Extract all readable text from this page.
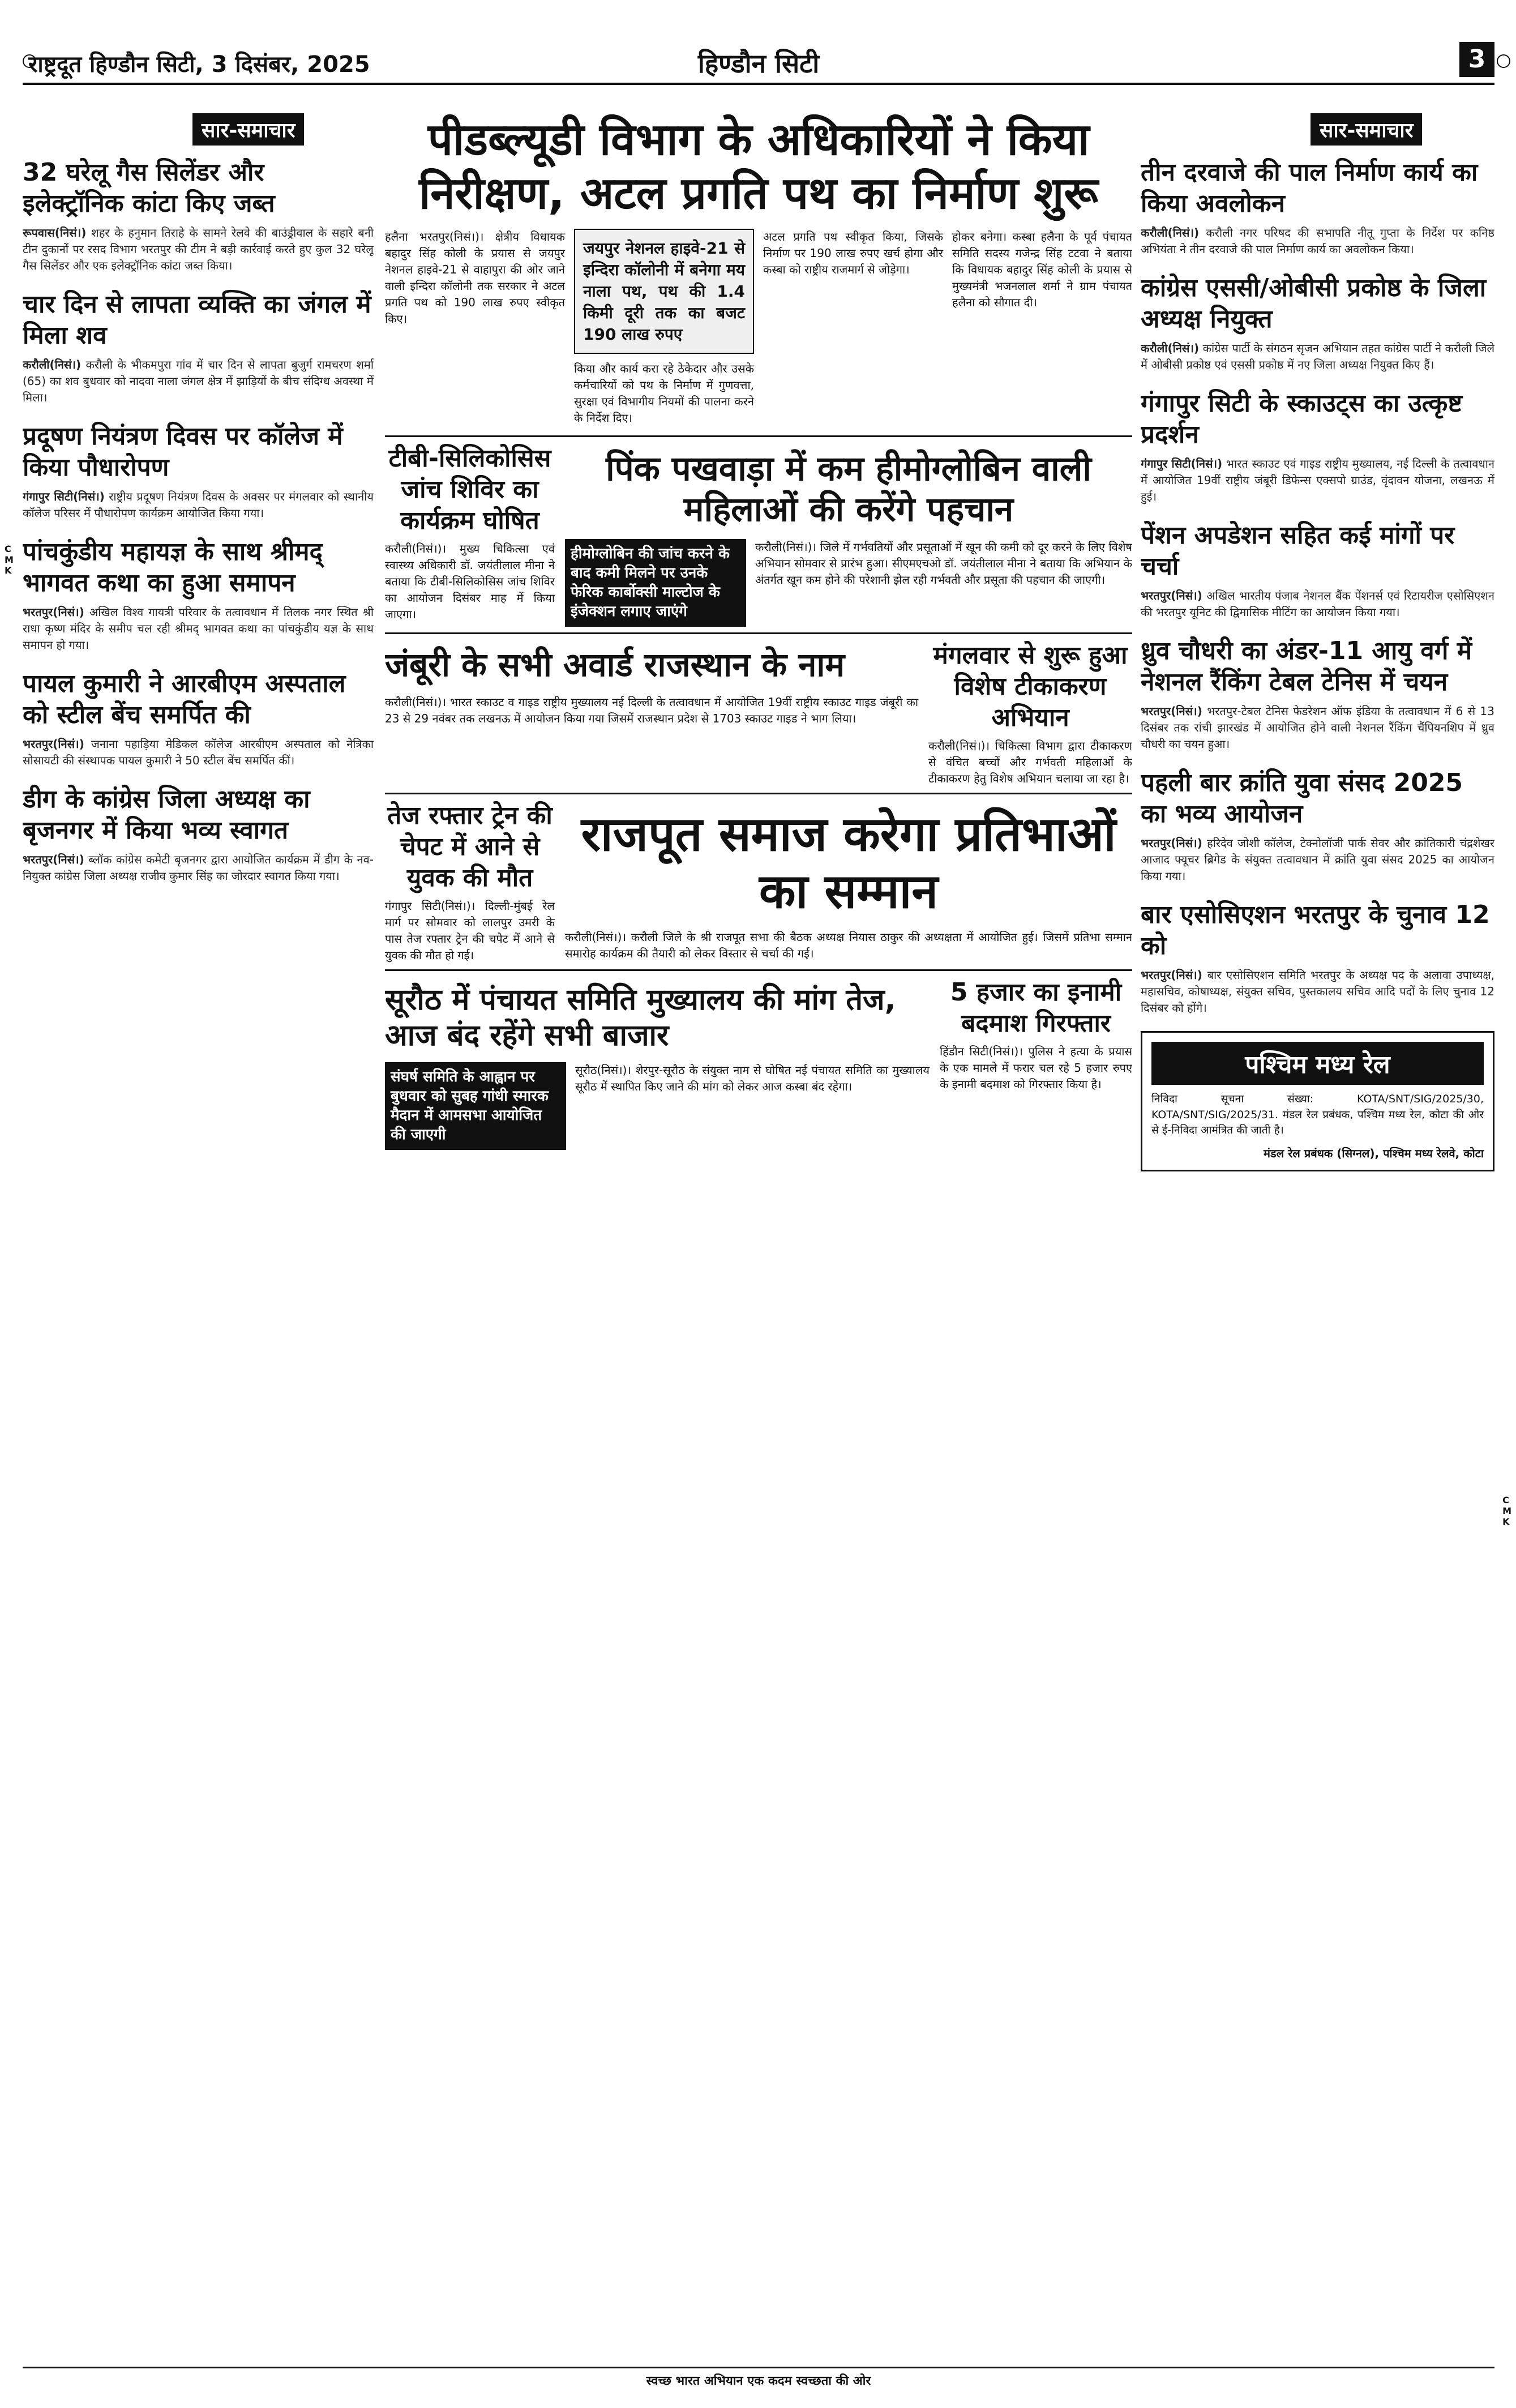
राष्ट्रदूत हिण्डौन सिटी, 3 दिसंबर, 2025	हिण्डौन सिटी	3
C
M
K
C
M
K
सार-समाचार
32 घरेलू गैस सिलेंडर और इलेक्ट्रॉनिक कांटा किए जब्त

रूपवास(निसं।) शहर के हनुमान तिराहे के सामने रेलवे की बाउंड्रीवाल के सहारे बनी टीन दुकानों पर रसद विभाग भरतपुर की टीम ने बड़ी कार्रवाई करते हुए कुल 32 घरेलू गैस सिलेंडर और एक इलेक्ट्रॉनिक कांटा जब्त किया।

चार दिन से लापता व्यक्ति का जंगल में मिला शव

करौली(निसं।) करौली के भीकमपुरा गांव में चार दिन से लापता बुजुर्ग रामचरण शर्मा (65) का शव बुधवार को नादवा नाला जंगल क्षेत्र में झाड़ियों के बीच संदिग्ध अवस्था में मिला।

प्रदूषण नियंत्रण दिवस पर कॉलेज में किया पौधारोपण

गंगापुर सिटी(निसं।) राष्ट्रीय प्रदूषण नियंत्रण दिवस के अवसर पर मंगलवार को स्थानीय कॉलेज परिसर में पौधारोपण कार्यक्रम आयोजित किया गया।

पांचकुंडीय महायज्ञ के साथ श्रीमद् भागवत कथा का हुआ समापन

भरतपुर(निसं।) अखिल विश्व गायत्री परिवार के तत्वावधान में तिलक नगर स्थित श्री राधा कृष्ण मंदिर के समीप चल रही श्रीमद् भागवत कथा का पांचकुंडीय यज्ञ के साथ समापन हो गया।

पायल कुमारी ने आरबीएम अस्पताल को स्टील बेंच समर्पित की

भरतपुर(निसं।) जनाना पहाड़िया मेडिकल कॉलेज आरबीएम अस्पताल को नेत्रिका सोसायटी की संस्थापक पायल कुमारी ने 50 स्टील बेंच समर्पित कीं।

डीग के कांग्रेस जिला अध्यक्ष का बृजनगर में किया भव्य स्वागत

भरतपुर(निसं।) ब्लॉक कांग्रेस कमेटी बृजनगर द्वारा आयोजित कार्यक्रम में डीग के नव-नियुक्त कांग्रेस जिला अध्यक्ष राजीव कुमार सिंह का जोरदार स्वागत किया गया।

पीडब्ल्यूडी विभाग के अधिकारियों ने किया निरीक्षण, अटल प्रगति पथ का निर्माण शुरू
हलैना भरतपुर(निसं।)। क्षेत्रीय विधायक बहादुर सिंह कोली के प्रयास से जयपुर नेशनल हाइवे-21 से वाहापुरा की ओर जाने वाली इन्दिरा कॉलोनी तक सरकार ने अटल प्रगति पथ को 190 लाख रुपए स्वीकृत किए।
जयपुर नेशनल हाइवे-21 से इन्दिरा कॉलोनी में बनेगा मय नाला पथ, पथ की 1.4 किमी दूरी तक का बजट 190 लाख रुपए
किया और कार्य करा रहे ठेकेदार और उसके कर्मचारियों को पथ के निर्माण में गुणवत्ता, सुरक्षा एवं विभागीय नियमों की पालना करने के निर्देश दिए।
अटल प्रगति पथ स्वीकृत किया, जिसके निर्माण पर 190 लाख रुपए खर्च होगा और कस्बा को राष्ट्रीय राजमार्ग से जोड़ेगा।
होकर बनेगा। कस्बा हलैना के पूर्व पंचायत समिति सदस्य गजेन्द्र सिंह टटवा ने बताया कि विधायक बहादुर सिंह कोली के प्रयास से मुख्यमंत्री भजनलाल शर्मा ने ग्राम पंचायत हलैना को सौगात दी।
टीबी-सिलिकोसिस जांच शिविर का कार्यक्रम घोषित

करौली(निसं।)। मुख्य चिकित्सा एवं स्वास्थ्य अधिकारी डॉ. जयंतीलाल मीना ने बताया कि टीबी-सिलिकोसिस जांच शिविर का आयोजन दिसंबर माह में किया जाएगा।

पिंक पखवाड़ा में कम हीमोग्लोबिन वाली महिलाओं की करेंगे पहचान
हीमोग्लोबिन की जांच करने के बाद कमी मिलने पर उनके फेरिक कार्बोक्सी माल्टोज के इंजेक्शन लगाए जाएंगे

करौली(निसं।)। जिले में गर्भवतियों और प्रसूताओं में खून की कमी को दूर करने के लिए विशेष अभियान सोमवार से प्रारंभ हुआ। सीएमएचओ डॉ. जयंतीलाल मीना ने बताया कि अभियान के अंतर्गत खून कम होने की परेशानी झेल रही गर्भवती और प्रसूता की पहचान की जाएगी।

जंबूरी के सभी अवार्ड राजस्थान के नाम

करौली(निसं।)। भारत स्काउट व गाइड राष्ट्रीय मुख्यालय नई दिल्ली के तत्वावधान में आयोजित 19वीं राष्ट्रीय स्काउट गाइड जंबूरी का 23 से 29 नवंबर तक लखनऊ में आयोजन किया गया जिसमें राजस्थान प्रदेश से 1703 स्काउट गाइड ने भाग लिया।

मंगलवार से शुरू हुआ विशेष टीकाकरण अभियान

करौली(निसं।)। चिकित्सा विभाग द्वारा टीकाकरण से वंचित बच्चों और गर्भवती महिलाओं के टीकाकरण हेतु विशेष अभियान चलाया जा रहा है।

तेज रफ्तार ट्रेन की चेपट में आने से युवक की मौत

गंगापुर सिटी(निसं।)। दिल्ली-मुंबई रेल मार्ग पर सोमवार को लालपुर उमरी के पास तेज रफ्तार ट्रेन की चपेट में आने से युवक की मौत हो गई।

राजपूत समाज करेगा प्रतिभाओं का सम्मान

करौली(निसं।)। करौली जिले के श्री राजपूत सभा की बैठक अध्यक्ष नियास ठाकुर की अध्यक्षता में आयोजित हुई। जिसमें प्रतिभा सम्मान समारोह कार्यक्रम की तैयारी को लेकर विस्तार से चर्चा की गई।

सूरौठ में पंचायत समिति मुख्यालय की मांग तेज, आज बंद रहेंगे सभी बाजार
संघर्ष समिति के आह्वान पर बुधवार को सुबह गांधी स्मारक मैदान में आमसभा आयोजित की जाएगी

सूरौठ(निसं।)। शेरपुर-सूरौठ के संयुक्त नाम से घोषित नई पंचायत समिति का मुख्यालय सूरौठ में स्थापित किए जाने की मांग को लेकर आज कस्बा बंद रहेगा।

5 हजार का इनामी बदमाश गिरफ्तार

हिंडौन सिटी(निसं।)। पुलिस ने हत्या के प्रयास के एक मामले में फरार चल रहे 5 हजार रुपए के इनामी बदमाश को गिरफ्तार किया है।

सार-समाचार
तीन दरवाजे की पाल निर्माण कार्य का किया अवलोकन

करौली(निसं।) करौली नगर परिषद की सभापति नीतू गुप्ता के निर्देश पर कनिष्ठ अभियंता ने तीन दरवाजे की पाल निर्माण कार्य का अवलोकन किया।

कांग्रेस एससी/ओबीसी प्रकोष्ठ के जिला अध्यक्ष नियुक्त

करौली(निसं।) कांग्रेस पार्टी के संगठन सृजन अभियान तहत कांग्रेस पार्टी ने करौली जिले में ओबीसी प्रकोष्ठ एवं एससी प्रकोष्ठ में नए जिला अध्यक्ष नियुक्त किए हैं।

गंगापुर सिटी के स्काउट्स का उत्कृष्ट प्रदर्शन

गंगापुर सिटी(निसं।) भारत स्काउट एवं गाइड राष्ट्रीय मुख्यालय, नई दिल्ली के तत्वावधान में आयोजित 19वीं राष्ट्रीय जंबूरी डिफेन्स एक्सपो ग्राउंड, वृंदावन योजना, लखनऊ में हुई।

पेंशन अपडेशन सहित कई मांगों पर चर्चा

भरतपुर(निसं।) अखिल भारतीय पंजाब नेशनल बैंक पेंशनर्स एवं रिटायरीज एसोसिएशन की भरतपुर यूनिट की द्विमासिक मीटिंग का आयोजन किया गया।

ध्रुव चौधरी का अंडर-11 आयु वर्ग में नेशनल रैंकिंग टेबल टेनिस में चयन

भरतपुर(निसं।) भरतपुर-टेबल टेनिस फेडरेशन ऑफ इंडिया के तत्वावधान में 6 से 13 दिसंबर तक रांची झारखंड में आयोजित होने वाली नेशनल रैंकिंग चैंपियनशिप में ध्रुव चौधरी का चयन हुआ।

पहली बार क्रांति युवा संसद 2025 का भव्य आयोजन

भरतपुर(निसं।) हरिदेव जोशी कॉलेज, टेक्नोलॉजी पार्क सेवर और क्रांतिकारी चंद्रशेखर आजाद फ्यूचर ब्रिगेड के संयुक्त तत्वावधान में क्रांति युवा संसद 2025 का आयोजन किया गया।

बार एसोसिएशन भरतपुर के चुनाव 12 को

भरतपुर(निसं।) बार एसोसिएशन समिति भरतपुर के अध्यक्ष पद के अलावा उपाध्यक्ष, महासचिव, कोषाध्यक्ष, संयुक्त सचिव, पुस्तकालय सचिव आदि पदों के लिए चुनाव 12 दिसंबर को होंगे।

पश्चिम मध्य रेल

निविदा सूचना संख्या: KOTA/SNT/SIG/2025/30, KOTA/SNT/SIG/2025/31. मंडल रेल प्रबंधक, पश्चिम मध्य रेल, कोटा की ओर से ई-निविदा आमंत्रित की जाती है।

मंडल रेल प्रबंधक (सिग्नल), पश्चिम मध्य रेलवे, कोटा
स्वच्छ भारत अभियान एक कदम स्वच्छता की ओर
